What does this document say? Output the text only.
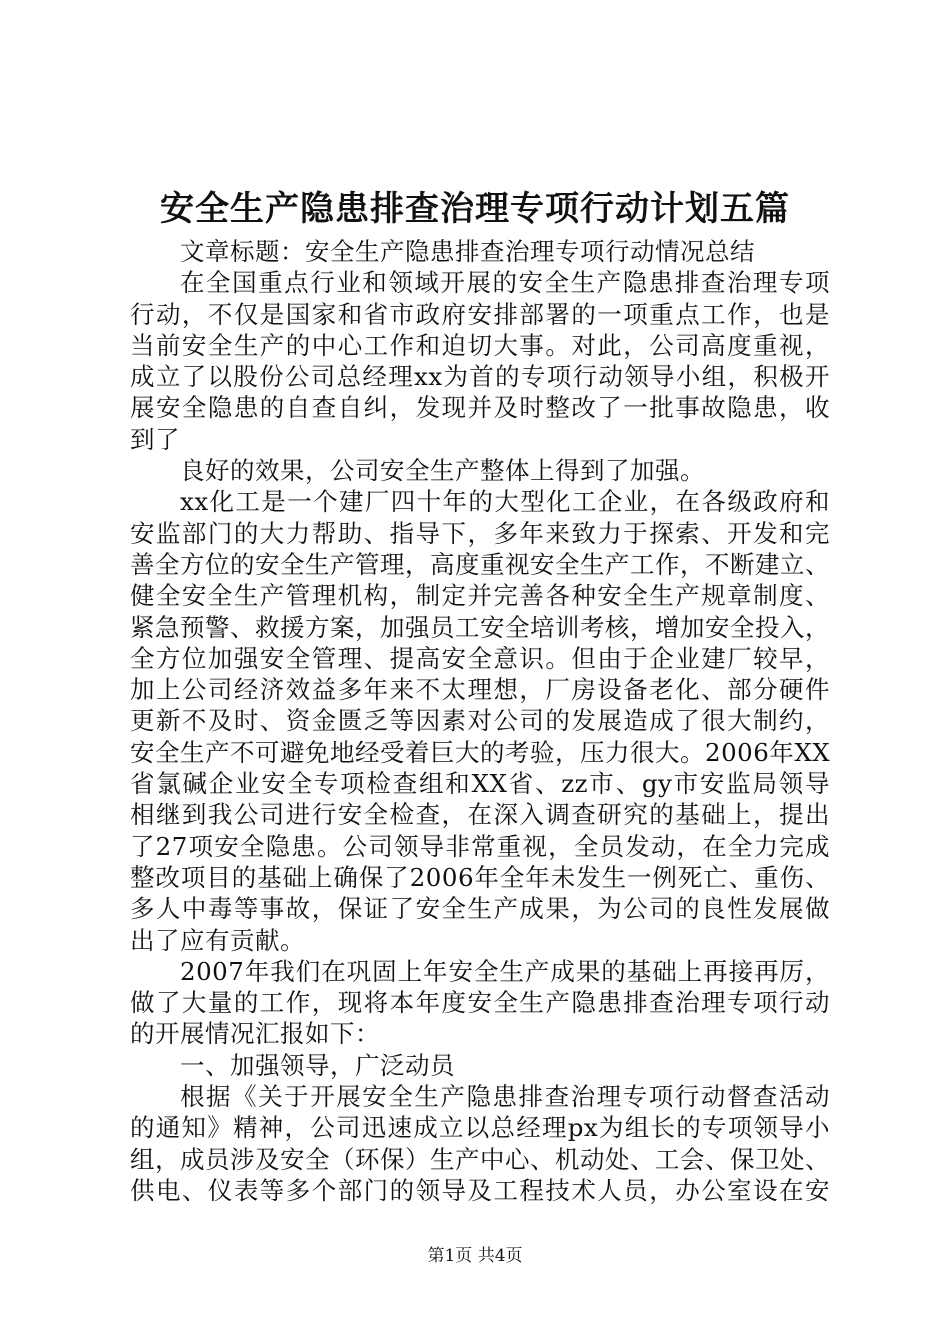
安全生产隐患排查治理专项行动计划五篇
文章标题：安全生产隐患排查治理专项行动情况总结
在全国重点行业和领域开展的安全生产隐患排查治理专项
行动，不仅是国家和省市政府安排部署的一项重点工作，也是
当前安全生产的中心工作和迫切大事。对此，公司高度重视，
成立了以股份公司总经理xx为首的专项行动领导小组，积极开
展安全隐患的自查自纠，发现并及时整改了一批事故隐患，收
到了
良好的效果，公司安全生产整体上得到了加强。
xx化工是一个建厂四十年的大型化工企业，在各级政府和
安监部门的大力帮助、指导下，多年来致力于探索、开发和完
善全方位的安全生产管理，高度重视安全生产工作，不断建立、
健全安全生产管理机构，制定并完善各种安全生产规章制度、
紧急预警、救援方案，加强员工安全培训考核，增加安全投入，
全方位加强安全管理、提高安全意识。但由于企业建厂较早，
加上公司经济效益多年来不太理想，厂房设备老化、部分硬件
更新不及时、资金匮乏等因素对公司的发展造成了很大制约，
安全生产不可避免地经受着巨大的考验，压力很大。2006年XX
省氯碱企业安全专项检查组和XX省、zz市、gy市安监局领导
相继到我公司进行安全检查，在深入调查研究的基础上，提出
了27项安全隐患。公司领导非常重视，全员发动，在全力完成
整改项目的基础上确保了2006年全年未发生一例死亡、重伤、
多人中毒等事故，保证了安全生产成果，为公司的良性发展做
出了应有贡献。
2007年我们在巩固上年安全生产成果的基础上再接再厉，
做了大量的工作，现将本年度安全生产隐患排查治理专项行动
的开展情况汇报如下：
一、加强领导，广泛动员
根据《关于开展安全生产隐患排查治理专项行动督查活动
的通知》精神，公司迅速成立以总经理px为组长的专项领导小
组，成员涉及安全（环保）生产中心、机动处、工会、保卫处、
供电、仪表等多个部门的领导及工程技术人员，办公室设在安
第1页 共4页
